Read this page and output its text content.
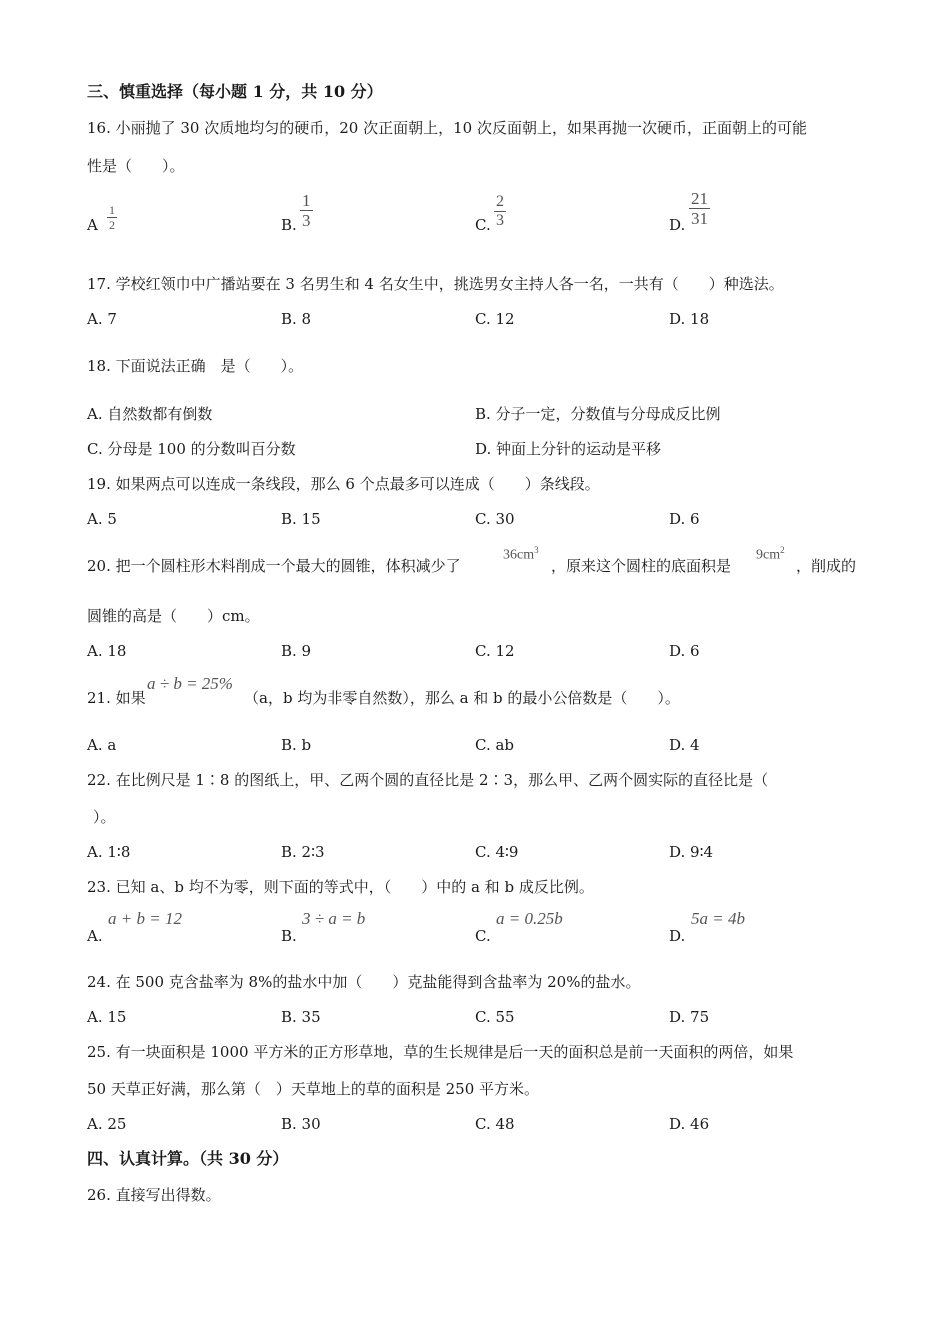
三、慎重选择（每小题 1 分，共 10 分）
16. 小丽抛了 30 次质地均匀的硬币，20 次正面朝上，10 次反面朝上，如果再抛一次硬币，正面朝上的可能
性是（　　）。
A
1
2	B.
1
3	C.
2
3	D.
21
31
17. 学校红领巾中广播站要在 3 名男生和 4 名女生中，挑选男女主持人各一名，一共有（　　）种选法。
A. 7	B. 8	C. 12	D. 18
18. 下面说法正确　是（　　）。
A. 自然数都有倒数	B. 分子一定，分数值与分母成反比例
C. 分母是 100 的分数叫百分数	D. 钟面上分针的运动是平移
19. 如果两点可以连成一条线段，那么 6 个点最多可以连成（　　）条线段。
A. 5	B. 15	C. 30	D. 6
20. 把一个圆柱形木料削成一个最大的圆锥，体积减少了
$36cm^3$
，原来这个圆柱的底面积是
$9cm^2$
，削成的
圆锥的高是（　　）cm。
A. 18	B. 9	C. 12	D. 6
21. 如果
a ÷ b = 25%
（a，b 均为非零自然数），那么 a 和 b 的最小公倍数是（　　）。
A. a	B. b	C. ab	D. 4
22. 在比例尺是 1∶8 的图纸上，甲、乙两个圆的直径比是 2∶3，那么甲、乙两个圆实际的直径比是（
）。
A. 1∶8	B. 2∶3	C. 4∶9	D. 9∶4
23. 已知 a、b 均不为零，则下面的等式中，（　　）中的 a 和 b 成反比例。
A.
a + b = 12
B.
3 ÷ a = b
C.
a = 0.25b
D.
5a = 4b
24. 在 500 克含盐率为 8%的盐水中加（　　）克盐能得到含盐率为 20%的盐水。
A. 15	B. 35	C. 55	D. 75
25. 有一块面积是 1000 平方米的正方形草地，草的生长规律是后一天的面积总是前一天面积的两倍，如果
50 天草正好满，那么第（　）天草地上的草的面积是 250 平方米。
A. 25	B. 30	C. 48	D. 46
四、认真计算。（共 30 分）
26. 直接写出得数。
